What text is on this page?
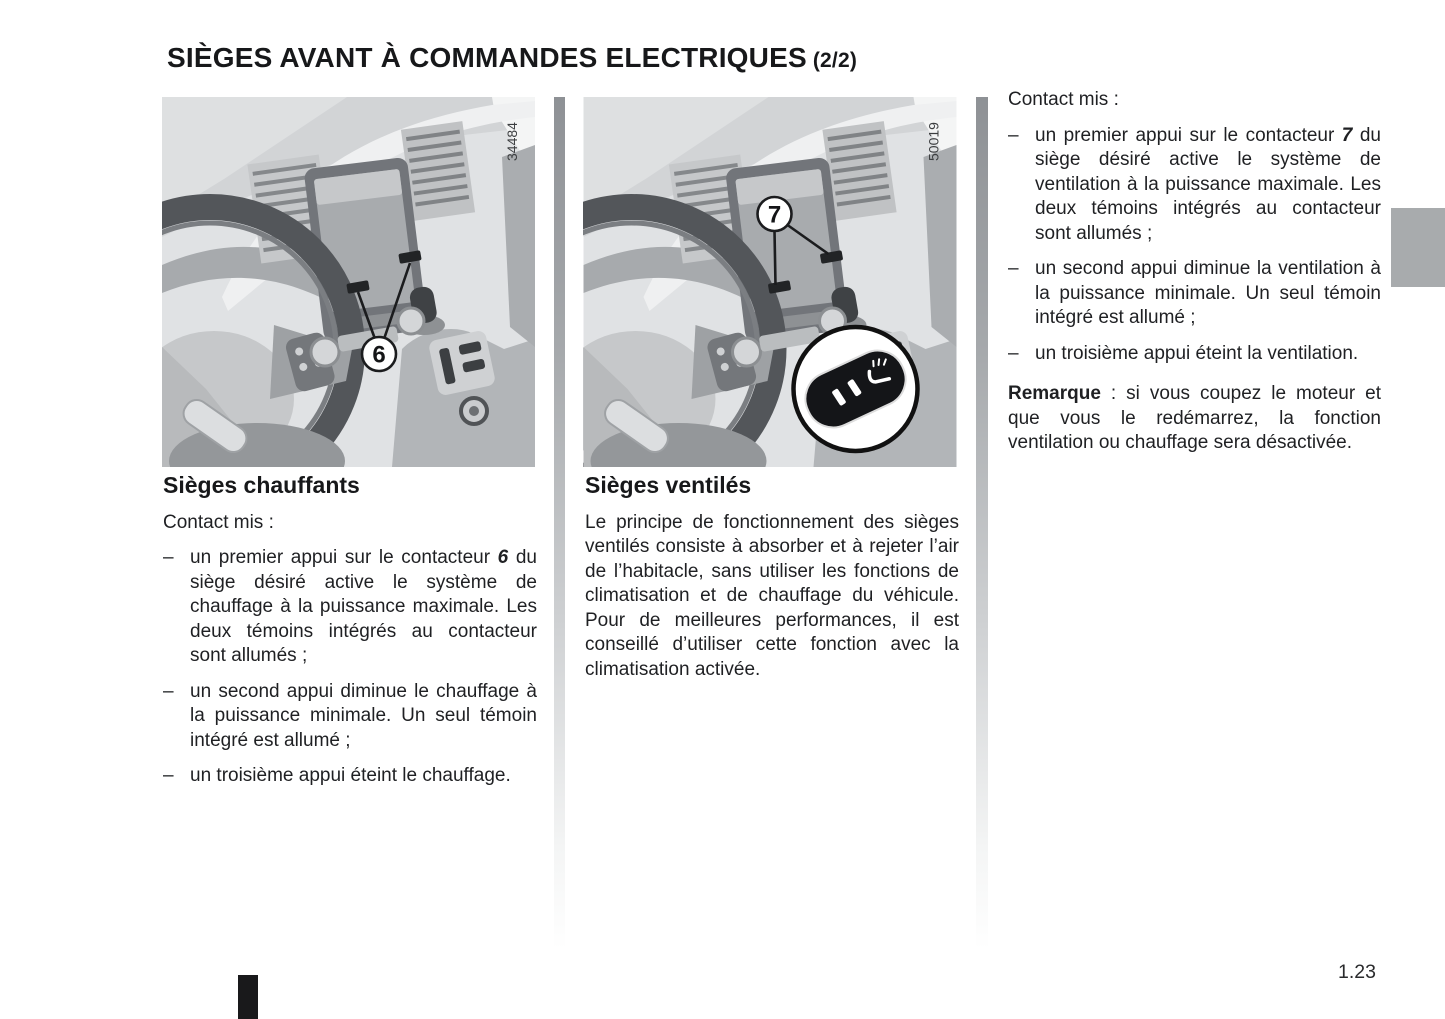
SIÈGES AVANT À COMMANDES ELECTRIQUES (2/2)
6
34484
7
50019
Sièges chauffants

Contact mis :

– un premier appui sur le contacteur 6 du siège désiré active le système de chauffage à la puissance maximale. Les deux témoins intégrés au contacteur sont allumés ;

– un second appui diminue le chauffage à la puissance minimale. Un seul témoin intégré est allumé ;

– un troisième appui éteint le chauffage.

Sièges ventilés

Le principe de fonctionnement des sièges ventilés consiste à absorber et à rejeter l’air de l’habitacle, sans utiliser les fonctions de climatisation et de chauffage du véhicule. Pour de meilleures performances, il est conseillé d’utiliser cette fonction avec la climatisation activée.

Contact mis :

– un premier appui sur le contacteur 7 du siège désiré active le système de ventilation à la puissance maximale. Les deux témoins intégrés au contacteur sont allumés ;

– un second appui diminue la ventilation à la puissance minimale. Un seul témoin intégré est allumé ;

– un troisième appui éteint la ventilation.

Remarque : si vous coupez le moteur et que vous le redémarrez, la fonction ventilation ou chauffage sera désactivée.

1.23
